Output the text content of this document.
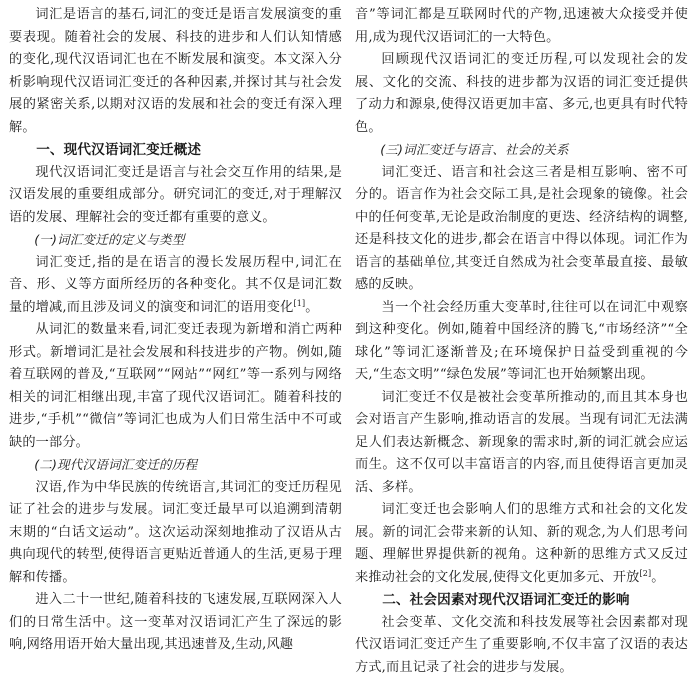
词汇是语言的基石,词汇的变迁是语言发展演变的重要表现。随着社会的发展、科技的进步和人们认知情感的变化,现代汉语词汇也在不断发展和演变。本文深入分析影响现代汉语词汇变迁的各种因素,并探讨其与社会发展的紧密关系,以期对汉语的发展和社会的变迁有深入理解。

一、现代汉语词汇变迁概述

现代汉语词汇变迁是语言与社会交互作用的结果,是汉语发展的重要组成部分。研究词汇的变迁,对于理解汉语的发展、理解社会的变迁都有重要的意义。

(一)词汇变迁的定义与类型

词汇变迁,指的是在语言的漫长发展历程中,词汇在音、形、义等方面所经历的各种变化。其不仅是词汇数量的增减,而且涉及词义的演变和词汇的语用变化[1]。

从词汇的数量来看,词汇变迁表现为新增和消亡两种形式。新增词汇是社会发展和科技进步的产物。例如,随着互联网的普及,“互联网”“网站”“网红”等一系列与网络相关的词汇相继出现,丰富了现代汉语词汇。随着科技的进步,“手机”“微信”等词汇也成为人们日常生活中不可或缺的一部分。

(二)现代汉语词汇变迁的历程

汉语,作为中华民族的传统语言,其词汇的变迁历程见证了社会的进步与发展。词汇变迁最早可以追溯到清朝末期的“白话文运动”。这次运动深刻地推动了汉语从古典向现代的转型,使得语言更贴近普通人的生活,更易于理解和传播。

进入二十一世纪,随着科技的飞速发展,互联网深入人们的日常生活中。这一变革对汉语词汇产生了深远的影响,网络用语开始大量出现,其迅速普及,生动,风趣

音”等词汇都是互联网时代的产物,迅速被大众接受并使用,成为现代汉语词汇的一大特色。

回顾现代汉语词汇的变迁历程,可以发现社会的发展、文化的交流、科技的进步都为汉语的词汇变迁提供了动力和源泉,使得汉语更加丰富、多元,也更具有时代特色。

(三)词汇变迁与语言、社会的关系

词汇变迁、语言和社会这三者是相互影响、密不可分的。语言作为社会交际工具,是社会现象的镜像。社会中的任何变革,无论是政治制度的更迭、经济结构的调整,还是科技文化的进步,都会在语言中得以体现。词汇作为语言的基础单位,其变迁自然成为社会变革最直接、最敏感的反映。

当一个社会经历重大变革时,往往可以在词汇中观察到这种变化。例如,随着中国经济的腾飞,“市场经济”“全球化”等词汇逐渐普及;在环境保护日益受到重视的今天,“生态文明”“绿色发展”等词汇也开始频繁出现。

词汇变迁不仅是被社会变革所推动的,而且其本身也会对语言产生影响,推动语言的发展。当现有词汇无法满足人们表达新概念、新现象的需求时,新的词汇就会应运而生。这不仅可以丰富语言的内容,而且使得语言更加灵活、多样。

词汇变迁也会影响人们的思维方式和社会的文化发展。新的词汇会带来新的认知、新的观念,为人们思考问题、理解世界提供新的视角。这种新的思维方式又反过来推动社会的文化发展,使得文化更加多元、开放[2]。

二、社会因素对现代汉语词汇变迁的影响

社会变革、文化交流和科技发展等社会因素都对现代汉语词汇变迁产生了重要影响,不仅丰富了汉语的表达方式,而且记录了社会的进步与发展。
